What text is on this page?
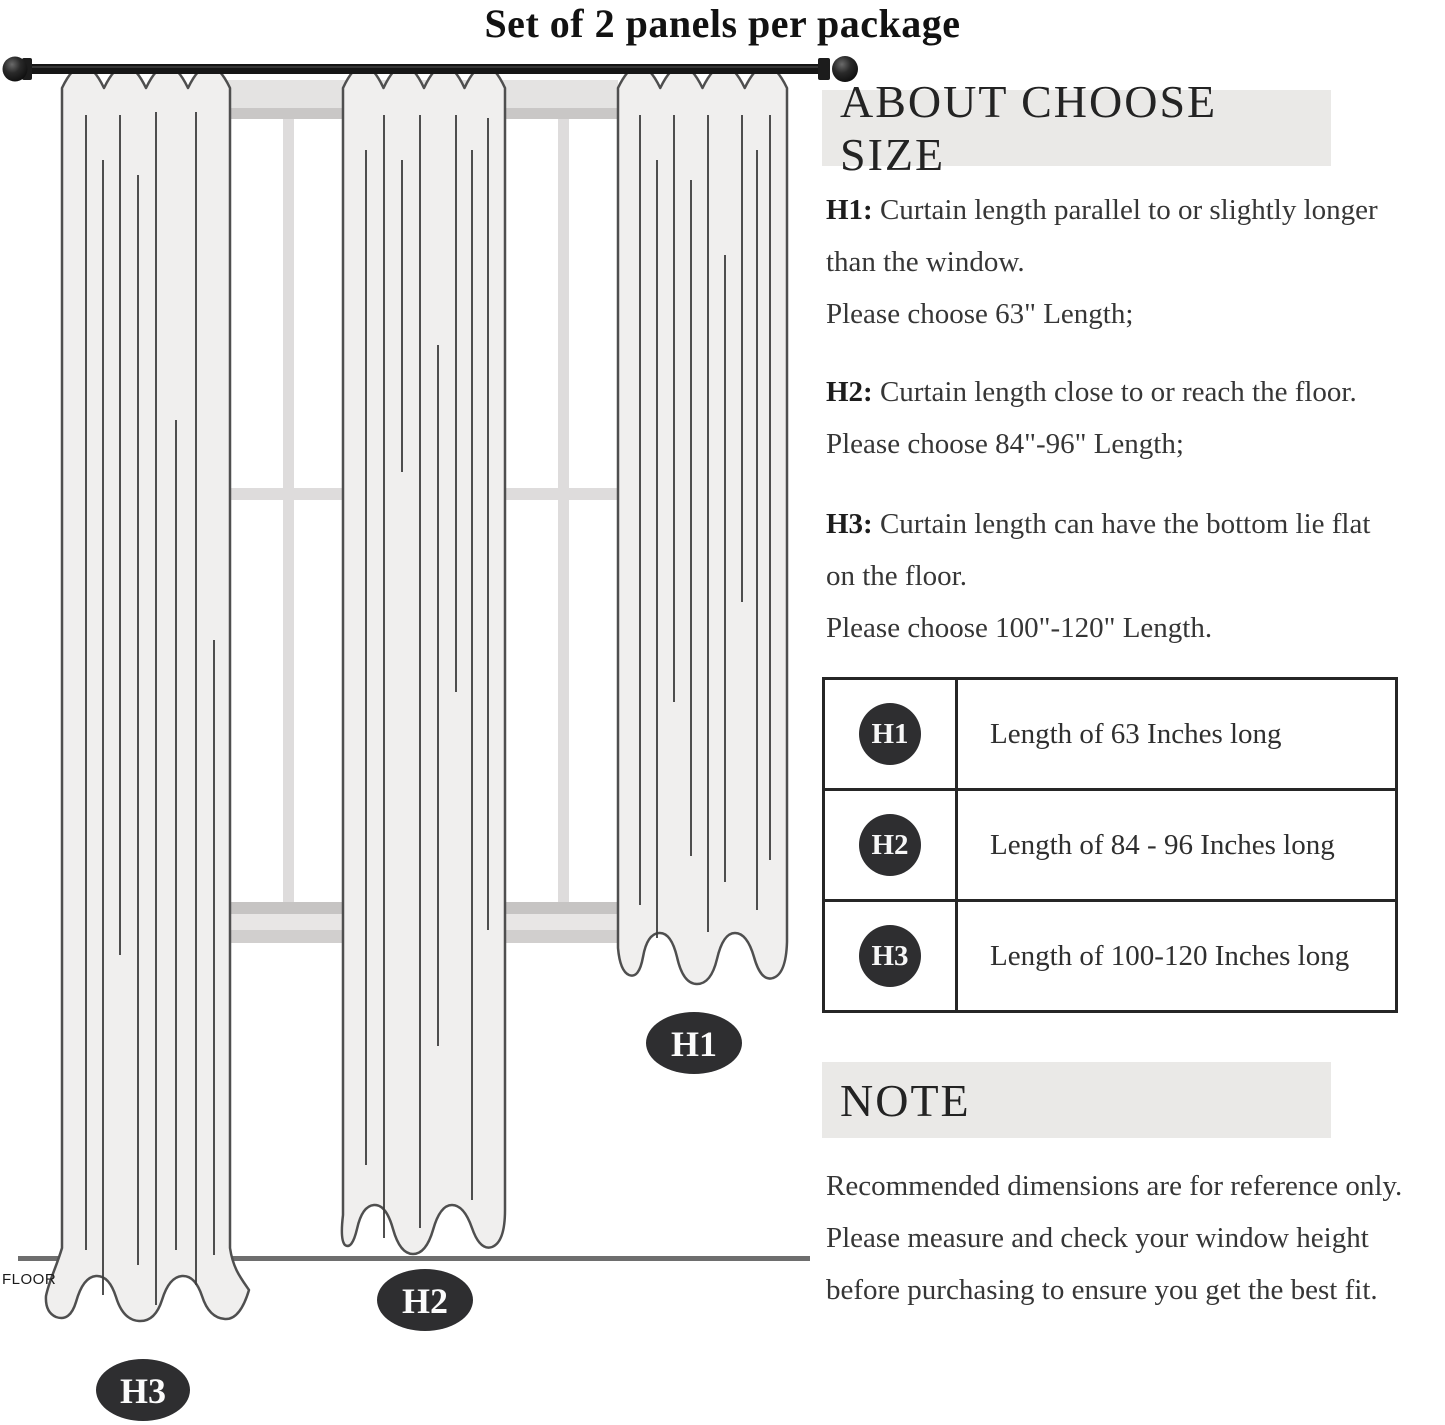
Set of 2 panels per package
FLOOR
H1
H2
H3
ABOUT CHOOSE SIZE

H1: Curtain length parallel to or slightly longer
than the window.
Please choose 63" Length;

H2: Curtain length close to or reach the floor.
Please choose 84"-96" Length;

H3: Curtain length can have the bottom lie flat
on the floor.
Please choose 100"-120" Length.

H1	Length of 63 Inches long
H2	Length of 84 - 96 Inches long
H3	Length of 100-120 Inches long
NOTE

Recommended dimensions are for reference only. Please measure and check your window height before purchasing to ensure you get the best fit.
